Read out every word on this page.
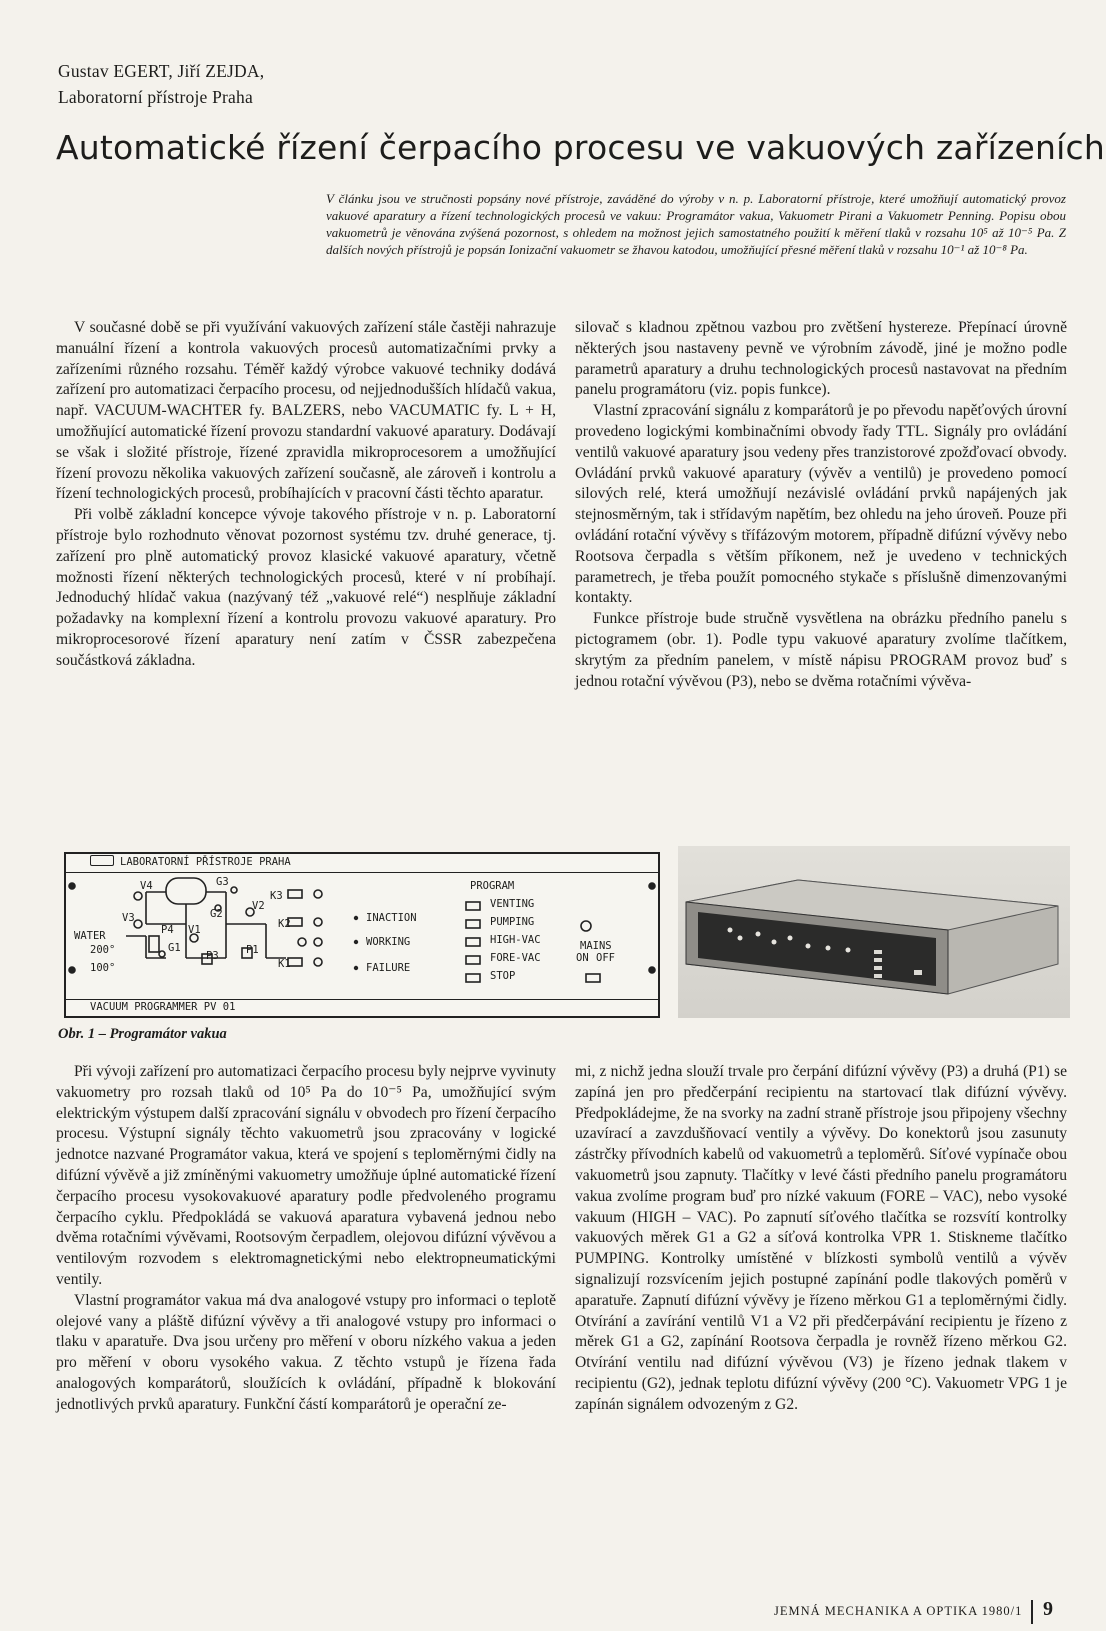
Gustav EGERT, Jiří ZEJDA,
Laboratorní přístroje Praha
Automatické řízení čerpacího procesu ve vakuových zařízeních
V článku jsou ve stručnosti popsány nové přístroje, zaváděné do výroby v n. p. Laboratorní přístroje, které umožňují automatický provoz vakuové aparatury a řízení technologických procesů ve vakuu: Programátor vakua, Vakuometr Pirani a Vakuometr Penning. Popisu obou vakuometrů je věnována zvýšená pozornost, s ohledem na možnost jejich samostatného použití k měření tlaků v rozsahu 10⁵ až 10⁻⁵ Pa. Z dalších nových přístrojů je popsán Ionizační vakuometr se žhavou katodou, umožňující přesné měření tlaků v rozsahu 10⁻¹ až 10⁻⁸ Pa.

V současné době se při využívání vakuových zařízení stále častěji nahrazuje manuální řízení a kontrola vakuových procesů automatizačními prvky a zařízeními různého rozsahu. Téměř každý výrobce vakuové techniky dodává zařízení pro automatizaci čerpacího procesu, od nejjednodušších hlídačů vakua, např. VACUUM-WACHTER fy. BALZERS, nebo VACUMATIC fy. L + H, umožňující automatické řízení provozu standardní vakuové aparatury. Dodávají se však i složité přístroje, řízené zpravidla mikroprocesorem a umožňující řízení provozu několika vakuových zařízení současně, ale zároveň i kontrolu a řízení technologických procesů, probíhajících v pracovní části těchto aparatur.

Při volbě základní koncepce vývoje takového přístroje v n. p. Laboratorní přístroje bylo rozhodnuto věnovat pozornost systému tzv. druhé generace, tj. zařízení pro plně automatický provoz klasické vakuové aparatury, včetně možnosti řízení některých technologických procesů, které v ní probíhají. Jednoduchý hlídač vakua (nazývaný též „vakuové relé“) nesplňuje základní požadavky na komplexní řízení a kontrolu provozu vakuové aparatury. Pro mikroprocesorové řízení aparatury není zatím v ČSSR zabezpečena součástková základna.

silovač s kladnou zpětnou vazbou pro zvětšení hystereze. Přepínací úrovně některých jsou nastaveny pevně ve výrobním závodě, jiné je možno podle parametrů aparatury a druhu technologických procesů nastavovat na předním panelu programátoru (viz. popis funkce).

Vlastní zpracování signálu z komparátorů je po převodu napěťových úrovní provedeno logickými kombinačními obvody řady TTL. Signály pro ovládání ventilů vakuové aparatury jsou vedeny přes tranzistorové zpožďovací obvody. Ovládání prvků vakuové aparatury (vývěv a ventilů) je provedeno pomocí silových relé, která umožňují nezávislé ovládání prvků napájených jak stejnosměrným, tak i střídavým napětím, bez ohledu na jeho úroveň. Pouze při ovládání rotační vývěvy s třífázovým motorem, případně difúzní vývěvy nebo Rootsova čerpadla s větším příkonem, než je uvedeno v technických parametrech, je třeba použít pomocného stykače s příslušně dimenzovanými kontakty.

Funkce přístroje bude stručně vysvětlena na obrázku předního panelu s pictogramem (obr. 1). Podle typu vakuové aparatury zvolíme tlačítkem, skrytým za předním panelem, v místě nápisu PROGRAM provoz buď s jednou rotační vývěvou (P3), nebo se dvěma rotačními vývěva-

LABORATORNÍ PŘÍSTROJE PRAHA
V4
V3
V2
V1
P4
P3	P1
G1
G2
G3
K1
K2
K3
WATER
200°
100°
INACTION
WORKING
FAILURE
PROGRAM
VENTING
PUMPING
HIGH-VAC
FORE-VAC
STOP
MAINS
ON OFF
VACUUM PROGRAMMER PV 01
Obr. 1 – Programátor vakua

Při vývoji zařízení pro automatizaci čerpacího procesu byly nejprve vyvinuty vakuometry pro rozsah tlaků od 10⁵ Pa do 10⁻⁵ Pa, umožňující svým elektrickým výstupem další zpracování signálu v obvodech pro řízení čerpacího procesu. Výstupní signály těchto vakuometrů jsou zpracovány v logické jednotce nazvané Programátor vakua, která ve spojení s teploměrnými čidly na difúzní vývěvě a již zmíněnými vakuometry umožňuje úplné automatické řízení čerpacího procesu vysokovakuové aparatury podle předvoleného programu čerpacího cyklu. Předpokládá se vakuová aparatura vybavená jednou nebo dvěma rotačními vývěvami, Rootsovým čerpadlem, olejovou difúzní vývěvou a ventilovým rozvodem s elektromagnetickými nebo elektropneumatickými ventily.

Vlastní programátor vakua má dva analogové vstupy pro informaci o teplotě olejové vany a pláště difúzní vývěvy a tři analogové vstupy pro informaci o tlaku v aparatuře. Dva jsou určeny pro měření v oboru nízkého vakua a jeden pro měření v oboru vysokého vakua. Z těchto vstupů je řízena řada analogových komparátorů, sloužících k ovládání, případně k blokování jednotlivých prvků aparatury. Funkční částí komparátorů je operační ze-

mi, z nichž jedna slouží trvale pro čerpání difúzní vývěvy (P3) a druhá (P1) se zapíná jen pro předčerpání recipientu na startovací tlak difúzní vývěvy. Předpokládejme, že na svorky na zadní straně přístroje jsou připojeny všechny uzavírací a zavzdušňovací ventily a vývěvy. Do konektorů jsou zasunuty zástrčky přívodních kabelů od vakuometrů a teploměrů. Síťové vypínače obou vakuometrů jsou zapnuty. Tlačítky v levé části předního panelu programátoru vakua zvolíme program buď pro nízké vakuum (FORE – VAC), nebo vysoké vakuum (HIGH – VAC). Po zapnutí síťového tlačítka se rozsvítí kontrolky vakuových měrek G1 a G2 a síťová kontrolka VPR 1. Stiskneme tlačítko PUMPING. Kontrolky umístěné v blízkosti symbolů ventilů a vývěv signalizují rozsvícením jejich postupné zapínání podle tlakových poměrů v aparatuře. Zapnutí difúzní vývěvy je řízeno měrkou G1 a teploměrnými čidly. Otvírání a zavírání ventilů V1 a V2 při předčerpávání recipientu je řízeno z měrek G1 a G2, zapínání Rootsova čerpadla je rovněž řízeno měrkou G2. Otvírání ventilu nad difúzní vývěvou (V3) je řízeno jednak tlakem v recipientu (G2), jednak teplotu difúzní vývěvy (200 °C). Vakuometr VPG 1 je zapínán signálem odvozeným z G2.

JEMNÁ MECHANIKA A OPTIKA 1980/1 9
